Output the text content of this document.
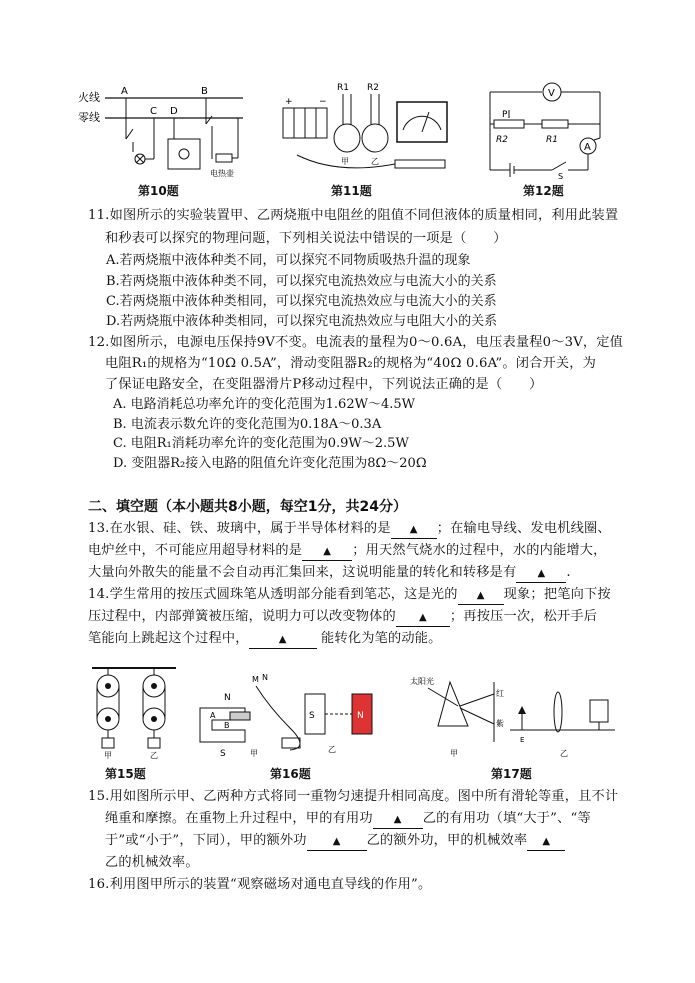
火线
零线
A	B
C D
电热壶
第10题
R1 R2
+	−
甲	乙
第11题
V
P
R2	R1
A
S
第12题
11.如图所示的实验装置甲、乙两烧瓶中电阻丝的阻值不同但液体的质量相同，利用此装置
和秒表可以探究的物理问题，下列相关说法中错误的一项是（　　）
A.若两烧瓶中液体种类不同，可以探究不同物质吸热升温的现象
B.若两烧瓶中液体种类不同，可以探究电流热效应与电流大小的关系
C.若两烧瓶中液体种类相同，可以探究电流热效应与电流大小的关系
D.若两烧瓶中液体种类相同，可以探究电流热效应与电阻大小的关系
12.如图所示，电源电压保持9V不变。电流表的量程为0～0.6A，电压表量程0～3V，定值
电阻R₁的规格为“10Ω 0.5A”，滑动变阻器R₂的规格为“40Ω 0.6A”。闭合开关，为
了保证电路安全，在变阻器滑片P移动过程中，下列说法正确的是（　　）
A. 电路消耗总功率允许的变化范围为1.62W～4.5W
B. 电流表示数允许的变化范围为0.18A～0.3A
C. 电阻R₁消耗功率允许的变化范围为0.9W～2.5W
D. 变阻器R₂接入电路的阻值允许变化范围为8Ω～20Ω
二、填空题（本小题共8小题，每空1分，共24分）
13.在水银、硅、铁、玻璃中，属于半导体材料的是 ▲ ；在输电导线、发电机线圈、
电炉丝中，不可能应用超导材料的是 ▲ ；用天然气烧水的过程中，水的内能增大，
大量向外散失的能量不会自动再汇集回来，这说明能量的转化和转移是有 ▲ .
14.学生常用的按压式圆珠笔从透明部分能看到笔芯，这是光的 ▲ 现象；把笔向下按
压过程中，内部弹簧被压缩，说明力可以改变物体的 ▲ ；再按压一次，松开手后
笔能向上跳起这个过程中，	▲ 能转化为笔的动能。
甲	乙
第15题
N
S
A
B
M N
甲
S	N
乙
第16题
太阳光
红
紫
甲
E
乙
第17题
15.用如图所示甲、乙两种方式将同一重物匀速提升相同高度。图中所有滑轮等重，且不计
绳重和摩擦。在重物上升过程中，甲的有用功 ▲ 乙的有用功（填“大于”、“等
于”或“小于”，下同），甲的额外功	▲ 乙的额外功，甲的机械效率 ▲
乙的机械效率。
16.利用图甲所示的装置“观察磁场对通电直导线的作用”。
